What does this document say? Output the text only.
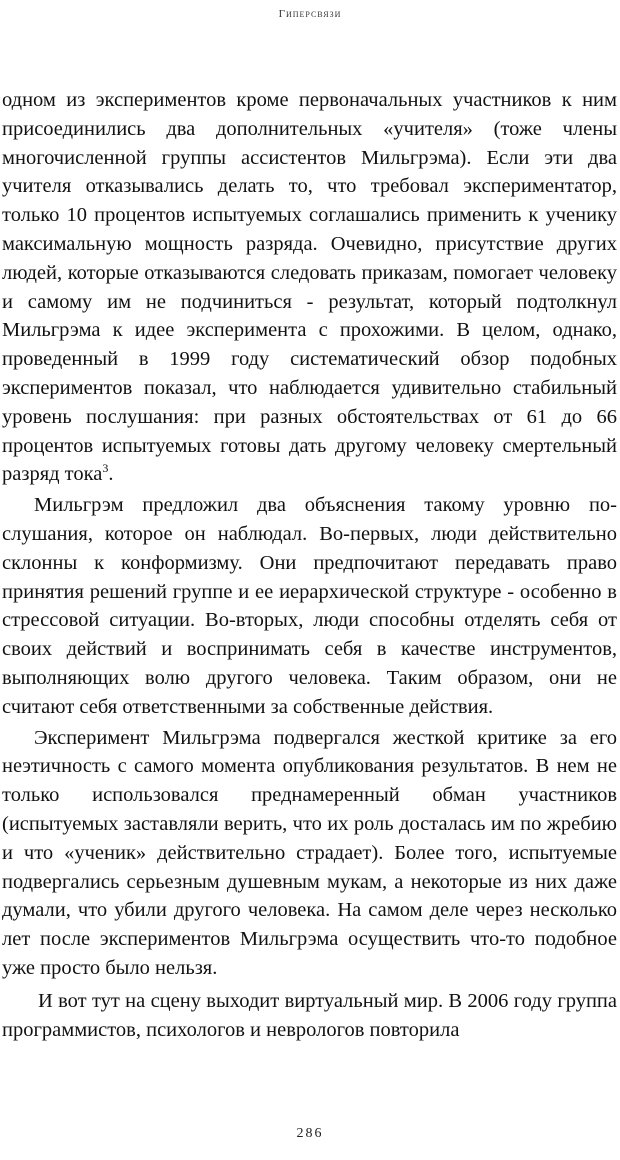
Гиперсвязи

одном из экспериментов кроме первоначальных участников к ним присоединились два дополнительных «учителя» (тоже члены многочисленной группы ассистентов Мильгрэма). Если эти два учителя отказывались делать то, что требовал экспериментатор, только 10 процентов испытуемых соглашались применить к ученику максимальную мощность разряда. Очевидно, присутствие других людей, которые отказываются следовать приказам, помогает человеку и самому им не подчиниться - результат, который подтолкнул Мильгрэма к идее эксперимента с прохожими. В целом, однако, проведенный в 1999 году систематический обзор подобных экспериментов показал, что наблюдается удивительно стабильный уровень послушания: при разных обстоятельствах от 61 до 66 процентов испытуемых готовы дать другому человеку смертельный разряд тока$^3$.

Мильгрэм предложил два объяснения такому уровню послушания, которое он наблюдал. Во-первых, люди действительно склонны к конформизму. Они предпочитают передавать право принятия решений группе и ее иерархической структуре - особенно в стрессовой ситуации. Во-вторых, люди способны отделять себя от своих действий и воспринимать себя в качестве инструментов, выполняющих волю другого человека. Таким образом, они не считают себя ответственными за собственные действия.

Эксперимент Мильгрэма подвергался жесткой критике за его неэтичность с самого момента опубликования результатов. В нем не только использовался преднамеренный обман участников (испытуемых заставляли верить, что их роль досталась им по жребию и что «ученик» действительно страдает). Более того, испытуемые подвергались серьезным душевным мукам, а некоторые из них даже думали, что убили другого человека. На самом деле через несколько лет после экспериментов Мильгрэма осуществить что-то подобное уже просто было нельзя.

И вот тут на сцену выходит виртуальный мир. В 2006 году группа программистов, психологов и неврологов повторила

286
